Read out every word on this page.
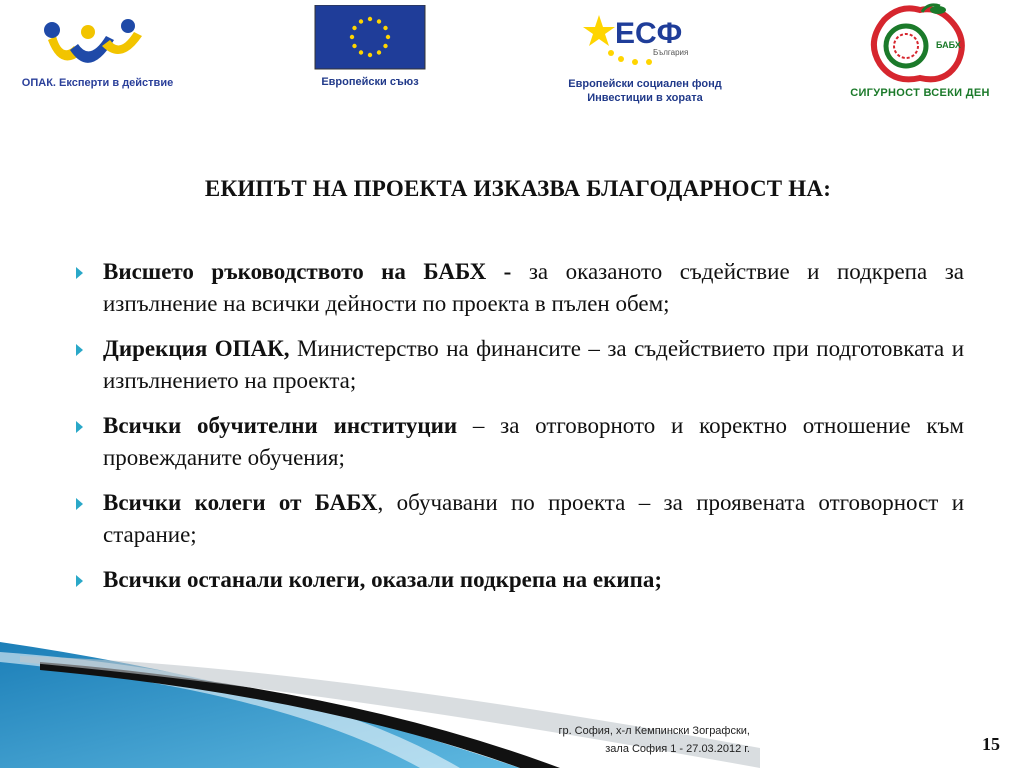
ОПАК. Експерти в действие	Европейски съюз
ЕСФ
България
Европейски социален фонд
Инвестиции в хората
БАБХ
СИГУРНОСТ ВСЕКИ ДЕН
ЕКИПЪТ НА ПРОЕКТА ИЗКАЗВА БЛАГОДАРНОСТ НА:
Висшето ръководството на БАБХ - за оказаното съдействие и подкрепа за изпълнение на всички дейности по проекта в пълен обем;
Дирекция ОПАК, Министерство на финансите – за съдействието при подготовката и изпълнението на проекта;
Всички обучителни институции – за отговорното и коректно отношение към провежданите обучения;
Всички колеги от БАБХ, обучавани по проекта – за проявената отговорност и старание;
Всички останали колеги, оказали подкрепа на екипа;
гр. София, х-л Кемпински Зографски,
зала София 1 - 27.03.2012 г.	15
